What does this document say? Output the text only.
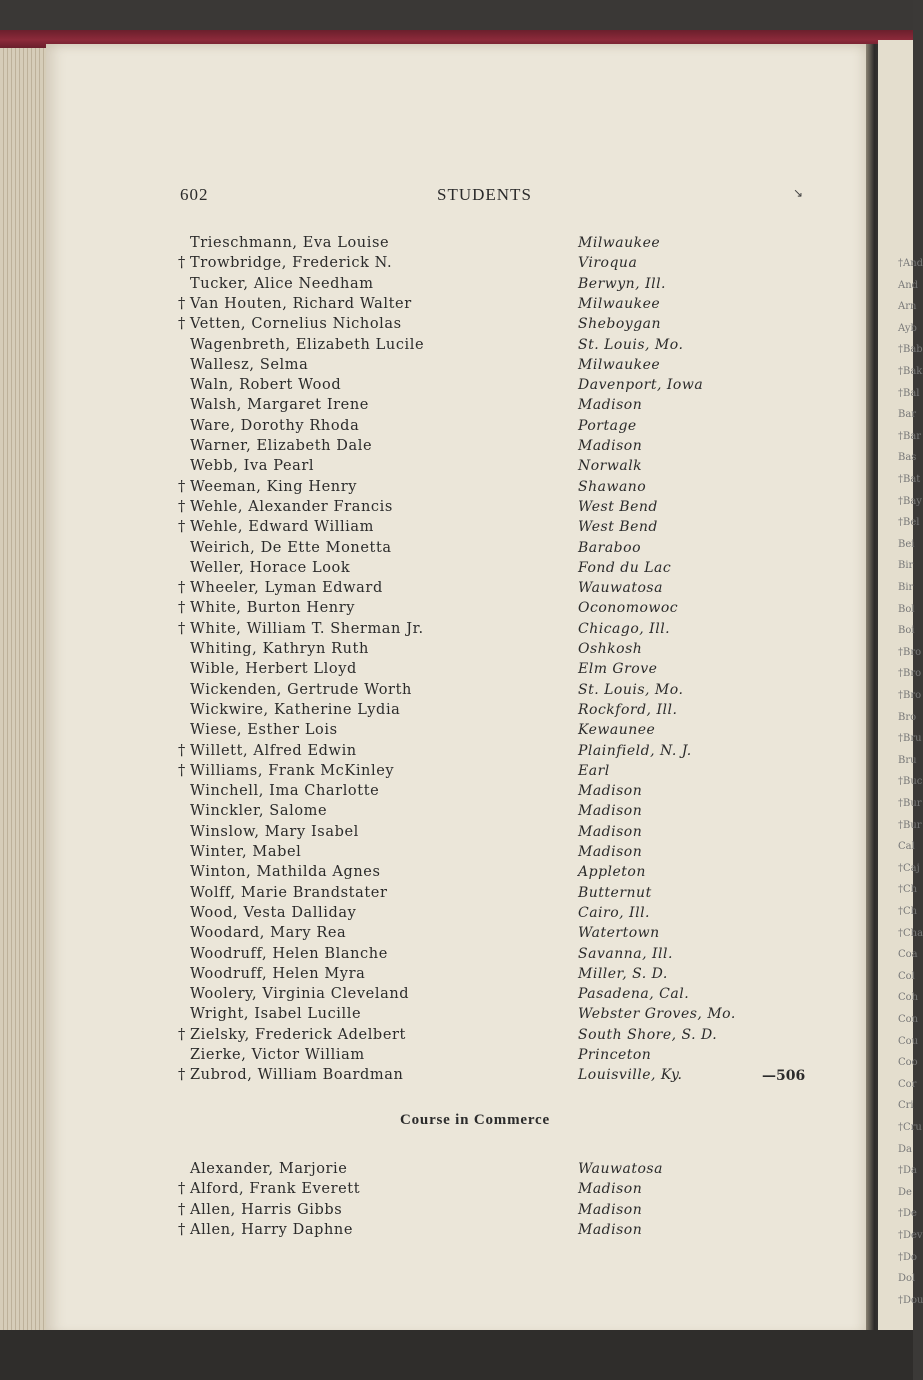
†And
And
Arn
Ayb
†Bab
†Bak
†Bal
Bar
†Bar
Bas
†Bat
†Bay
†Bel
Bei
Bir
Bir
Bol
Boi
†Bro
†Bro
†Bro
Bro
†Bru
Bru
†Buc
†Bur
†Bur
Cal
†Caj
†Ch
†Ch
†Cha
Coa
Col
Coh
Con
Cou
Coo
Cor
Cri
†Cru
Da
†Da
De
†De
†Dev
†Do
Dol
†Dou
602	STUDENTS	↘
Trieschmann, Eva Louise	Milwaukee
† Trowbridge, Frederick N.	Viroqua
Tucker, Alice Needham	Berwyn, Ill.
† Van Houten, Richard Walter	Milwaukee
† Vetten, Cornelius Nicholas	Sheboygan
Wagenbreth, Elizabeth Lucile	St. Louis, Mo.
Wallesz, Selma	Milwaukee
Waln, Robert Wood	Davenport, Iowa
Walsh, Margaret Irene	Madison
Ware, Dorothy Rhoda	Portage
Warner, Elizabeth Dale	Madison
Webb, Iva Pearl	Norwalk
† Weeman, King Henry	Shawano
† Wehle, Alexander Francis	West Bend
† Wehle, Edward William	West Bend
Weirich, De Ette Monetta	Baraboo
Weller, Horace Look	Fond du Lac
† Wheeler, Lyman Edward	Wauwatosa
† White, Burton Henry	Oconomowoc
† White, William T. Sherman Jr.	Chicago, Ill.
Whiting, Kathryn Ruth	Oshkosh
Wible, Herbert Lloyd	Elm Grove
Wickenden, Gertrude Worth	St. Louis, Mo.
Wickwire, Katherine Lydia	Rockford, Ill.
Wiese, Esther Lois	Kewaunee
† Willett, Alfred Edwin	Plainfield, N. J.
† Williams, Frank McKinley	Earl
Winchell, Ima Charlotte	Madison
Winckler, Salome	Madison
Winslow, Mary Isabel	Madison
Winter, Mabel	Madison
Winton, Mathilda Agnes	Appleton
Wolff, Marie Brandstater	Butternut
Wood, Vesta Dalliday	Cairo, Ill.
Woodard, Mary Rea	Watertown
Woodruff, Helen Blanche	Savanna, Ill.
Woodruff, Helen Myra	Miller, S. D.
Woolery, Virginia Cleveland	Pasadena, Cal.
Wright, Isabel Lucille	Webster Groves, Mo.
† Zielsky, Frederick Adelbert	South Shore, S. D.
Zierke, Victor William	Princeton
† Zubrod, William Boardman	Louisville, Ky.	—506
Course in Commerce
Alexander, Marjorie	Wauwatosa
† Alford, Frank Everett	Madison
† Allen, Harris Gibbs	Madison
† Allen, Harry Daphne	Madison
